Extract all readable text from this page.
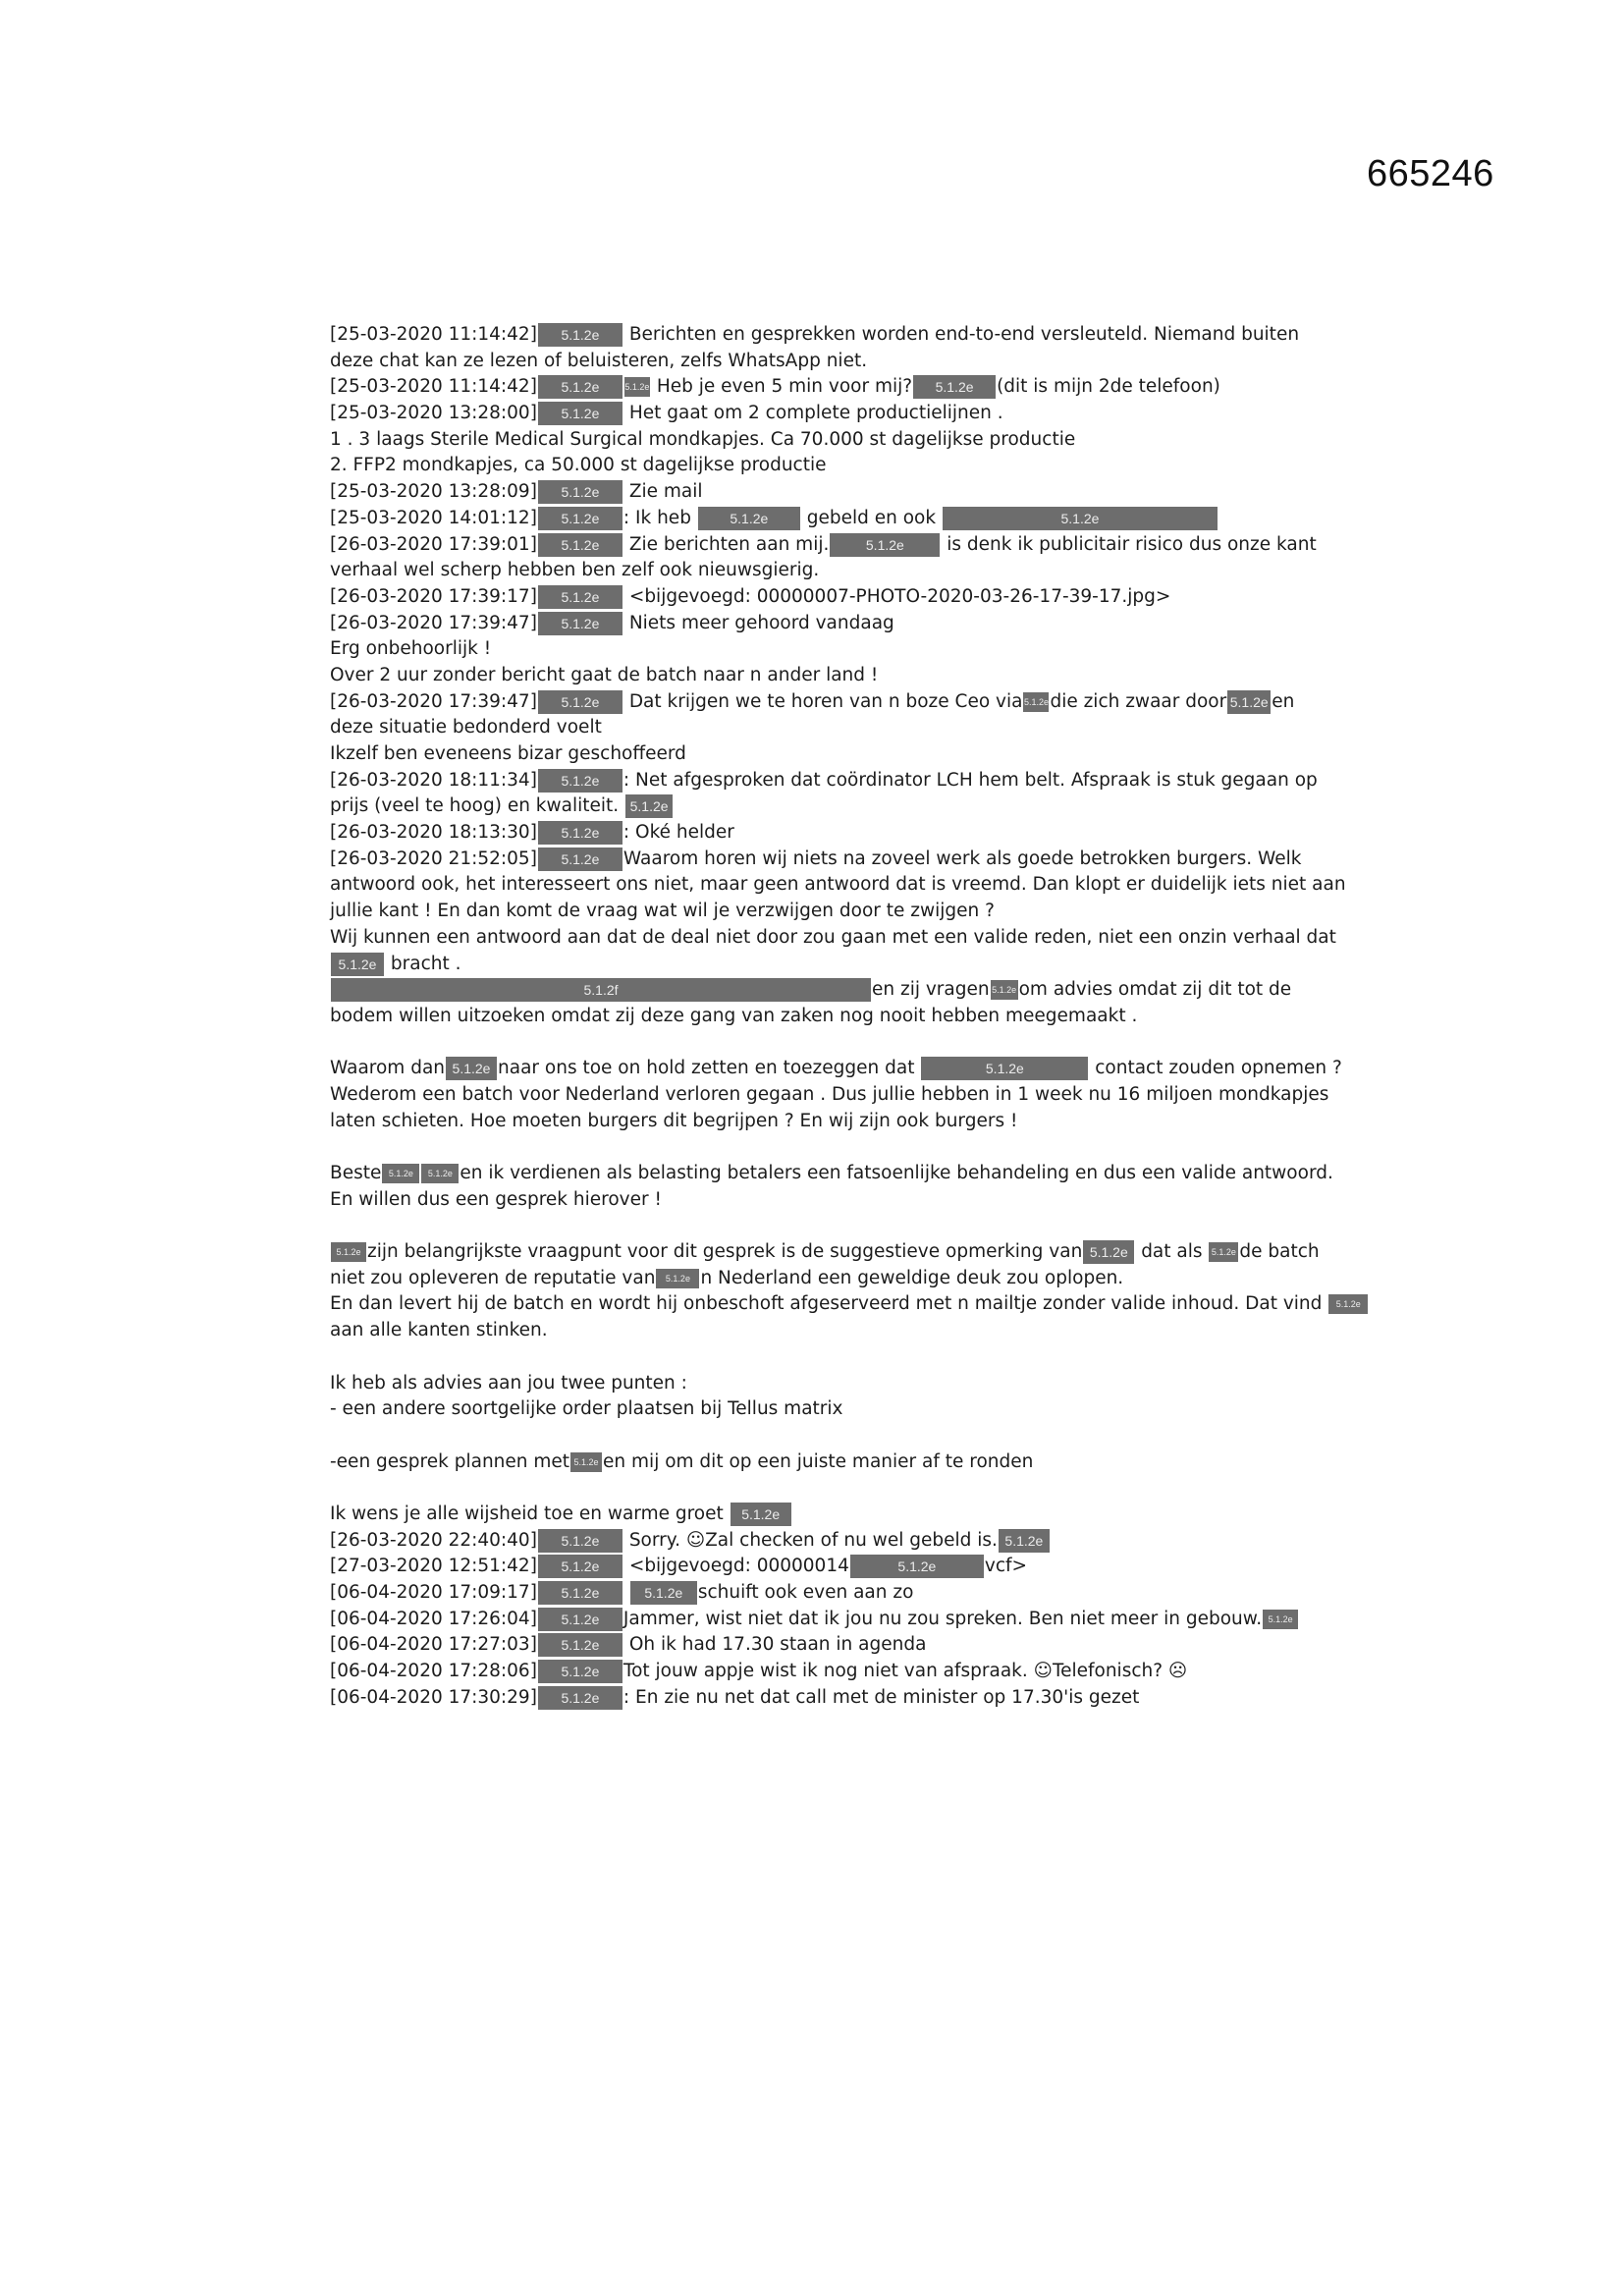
665246
[25-03-2020 11:14:42] 5.1.2e Berichten en gesprekken worden end-to-end versleuteld. Niemand buiten
deze chat kan ze lezen of beluisteren, zelfs WhatsApp niet.
[25-03-2020 11:14:42] 5.1.2e	5.1.2e Heb je even 5 min voor mij? 5.1.2e (dit is mijn 2de telefoon)
[25-03-2020 13:28:00] 5.1.2e Het gaat om 2 complete productielijnen .
1 . 3 laags Sterile Medical Surgical mondkapjes. Ca 70.000 st dagelijkse productie
2. FFP2 mondkapjes, ca 50.000 st dagelijkse productie
[25-03-2020 13:28:09] 5.1.2e Zie mail
[25-03-2020 14:01:12] 5.1.2e : Ik heb	5.1.2e gebeld en ook	5.1.2e
[26-03-2020 17:39:01] 5.1.2e Zie berichten aan mij.	5.1.2e is denk ik publicitair risico dus onze kant
verhaal wel scherp hebben ben zelf ook nieuwsgierig.
[26-03-2020 17:39:17] 5.1.2e <bijgevoegd: 00000007-PHOTO-2020-03-26-17-39-17.jpg>
[26-03-2020 17:39:47] 5.1.2e Niets meer gehoord vandaag
Erg onbehoorlijk !
Over 2 uur zonder bericht gaat de batch naar n ander land !
[26-03-2020 17:39:47] 5.1.2e Dat krijgen we te horen van n boze Ceo via5.1.2edie zich zwaar door 5.1.2e en
deze situatie bedonderd voelt
Ikzelf ben eveneens bizar geschoffeerd
[26-03-2020 18:11:34] 5.1.2e : Net afgesproken dat coördinator LCH hem belt. Afspraak is stuk gegaan op
prijs (veel te hoog) en kwaliteit. 5.1.2e
[26-03-2020 18:13:30] 5.1.2e : Oké helder
[26-03-2020 21:52:05] 5.1.2e Waarom horen wij niets na zoveel werk als goede betrokken burgers. Welk
antwoord ook, het interesseert ons niet, maar geen antwoord dat is vreemd. Dan klopt er duidelijk iets niet aan
jullie kant ! En dan komt de vraag wat wil je verzwijgen door te zwijgen ?
Wij kunnen een antwoord aan dat de deal niet door zou gaan met een valide reden, niet een onzin verhaal dat
5.1.2e bracht .
5.1.2f	en zij vragen 5.1.2e om advies omdat zij dit tot de
bodem willen uitzoeken omdat zij deze gang van zaken nog nooit hebben meegemaakt .
Waarom dan 5.1.2e naar ons toe on hold zetten en toezeggen dat	5.1.2e	contact zouden opnemen ?
Wederom een batch voor Nederland verloren gegaan . Dus jullie hebben in 1 week nu 16 miljoen mondkapjes
laten schieten. Hoe moeten burgers dit begrijpen ? En wij zijn ook burgers !
Beste 5.1.2e 5.1.2e en ik verdienen als belasting betalers een fatsoenlijke behandeling en dus een valide antwoord.
En willen dus een gesprek hierover !
5.1.2e zijn belangrijkste vraagpunt voor dit gesprek is de suggestieve opmerking van 5.1.2e dat als 5.1.2e de batch
niet zou opleveren de reputatie van 5.1.2e n Nederland een geweldige deuk zou oplopen.
En dan levert hij de batch en wordt hij onbeschoft afgeserveerd met n mailtje zonder valide inhoud. Dat vind 5.1.2e
aan alle kanten stinken.
Ik heb als advies aan jou twee punten :
- een andere soortgelijke order plaatsen bij Tellus matrix
-een gesprek plannen met 5.1.2e en mij om dit op een juiste manier af te ronden
Ik wens je alle wijsheid toe en warme groet 5.1.2e
[26-03-2020 22:40:40] 5.1.2e Sorry. ☺Zal checken of nu wel gebeld is. 5.1.2e
[27-03-2020 12:51:42] 5.1.2e <bijgevoegd: 00000014	5.1.2e	vcf>
[06-04-2020 17:09:17] 5.1.2e	5.1.2e schuift ook even aan zo
[06-04-2020 17:26:04] 5.1.2e Jammer, wist niet dat ik jou nu zou spreken. Ben niet meer in gebouw. 5.1.2e
[06-04-2020 17:27:03] 5.1.2e Oh ik had 17.30 staan in agenda
[06-04-2020 17:28:06] 5.1.2e Tot jouw appje wist ik nog niet van afspraak. ☺Telefonisch? ☹
[06-04-2020 17:30:29] 5.1.2e : En zie nu net dat call met de minister op 17.30'is gezet
